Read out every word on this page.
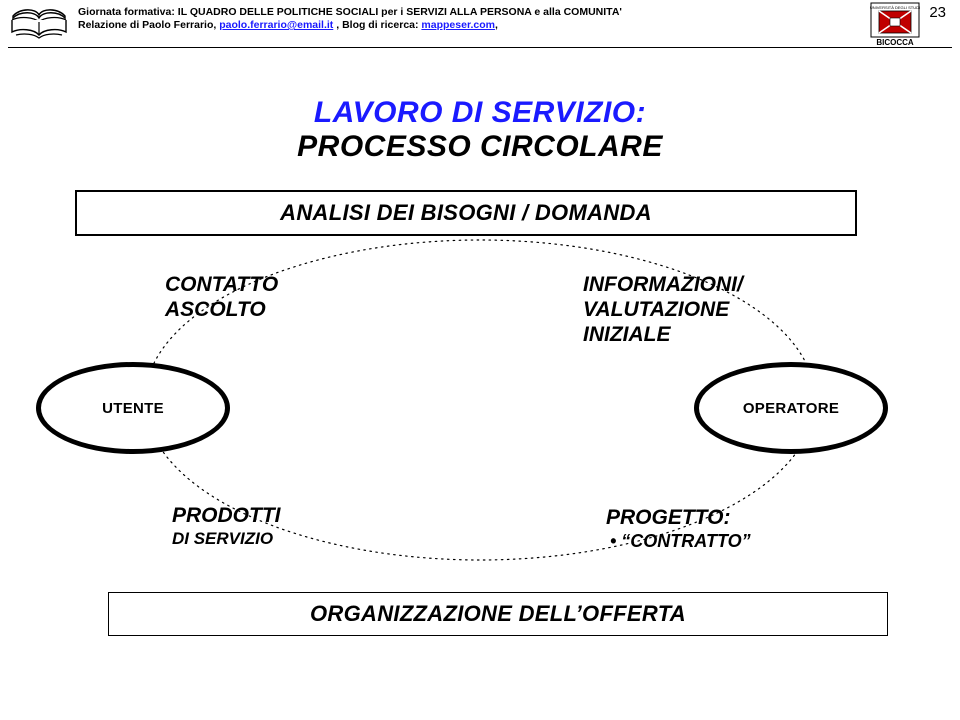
Giornata formativa: IL QUADRO DELLE POLITICHE SOCIALI per i SERVIZI ALLA PERSONA e alla COMUNITA'
Relazione di Paolo Ferrario, paolo.ferrario@email.it , Blog di ricerca: mappeser.com,
UNIVERSITÀ DEGLI STUDI
BICOCCA
23
LAVORO DI SERVIZIO:
PROCESSO CIRCOLARE
ANALISI DEI BISOGNI / DOMANDA
UTENTE	OPERATORE
CONTATTO
ASCOLTO
INFORMAZIONI/
VALUTAZIONE
INIZIALE
PRODOTTI
DI SERVIZIO
PROGETTO:
• “CONTRATTO”
ORGANIZZAZIONE DELL’OFFERTA
